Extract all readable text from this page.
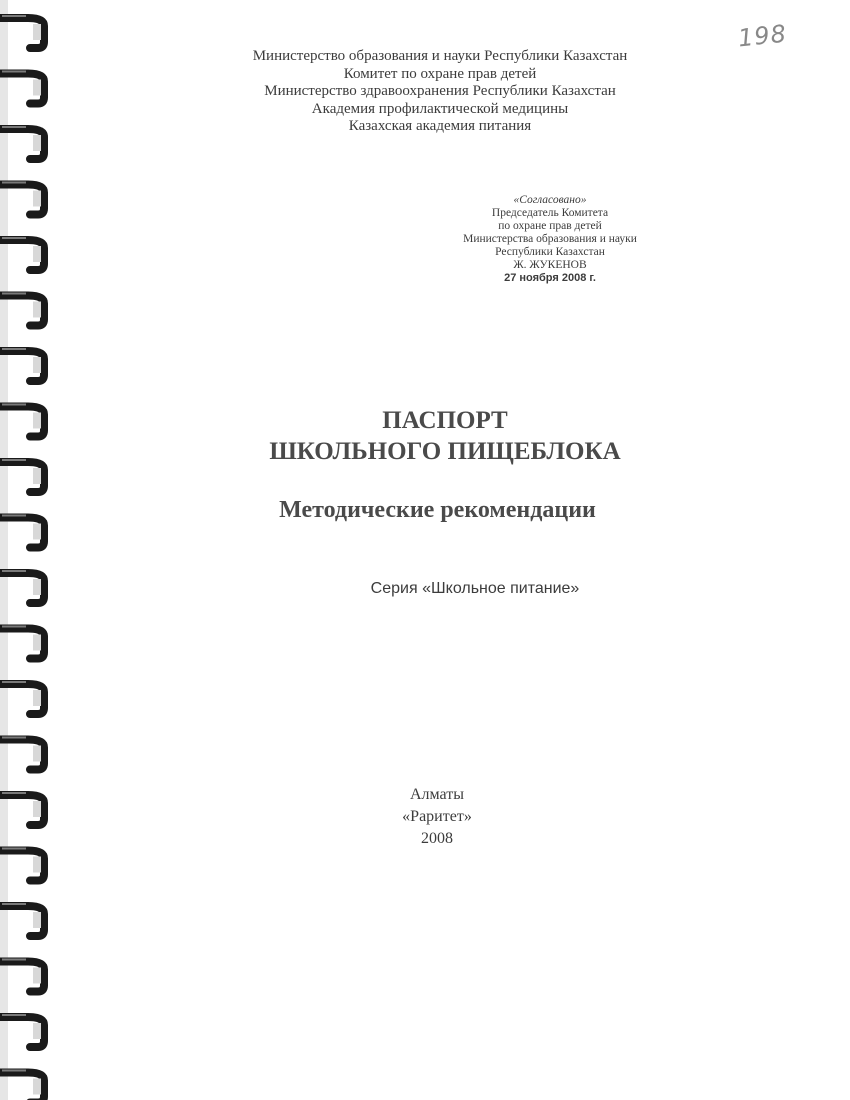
198
Министерство образования и науки Республики Казахстан
Комитет по охране прав детей
Министерство здравоохранения Республики Казахстан
Академия профилактической медицины
Казахская академия питания
«Согласовано»
Председатель Комитета
по охране прав детей
Министерства образования и науки
Республики Казахстан
Ж. ЖУКЕНОВ
27 ноября 2008 г.
ПАСПОРТ
ШКОЛЬНОГО ПИЩЕБЛОКА
Методические рекомендации
Серия «Школьное питание»
Алматы
«Раритет»
2008
